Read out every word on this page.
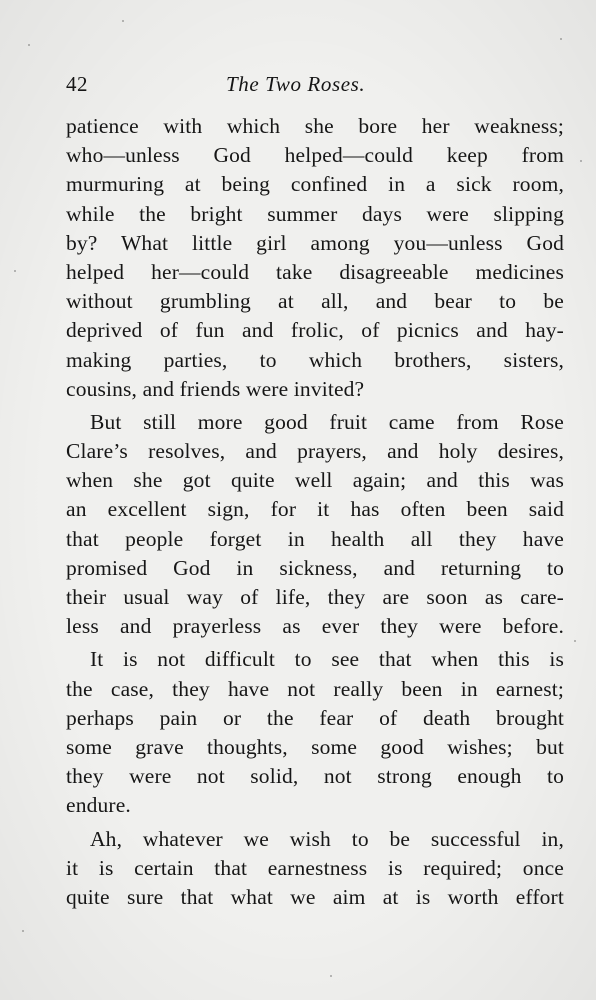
42	The Two Roses.
patience with which she bore her weakness;
who—unless God helped—could keep from
murmuring at being confined in a sick room,
while the bright summer days were slipping
by? What little girl among you—unless God
helped her—could take disagreeable medicines
without grumbling at all, and bear to be
deprived of fun and frolic, of picnics and hay-
making parties, to which brothers, sisters,
cousins, and friends were invited?
But still more good fruit came from Rose
Clare’s resolves, and prayers, and holy desires,
when she got quite well again; and this was
an excellent sign, for it has often been said
that people forget in health all they have
promised God in sickness, and returning to
their usual way of life, they are soon as care-
less and prayerless as ever they were before.
It is not difficult to see that when this is
the case, they have not really been in earnest;
perhaps pain or the fear of death brought
some grave thoughts, some good wishes; but
they were not solid, not strong enough to
endure.
Ah, whatever we wish to be successful in,
it is certain that earnestness is required; once
quite sure that what we aim at is worth effort
